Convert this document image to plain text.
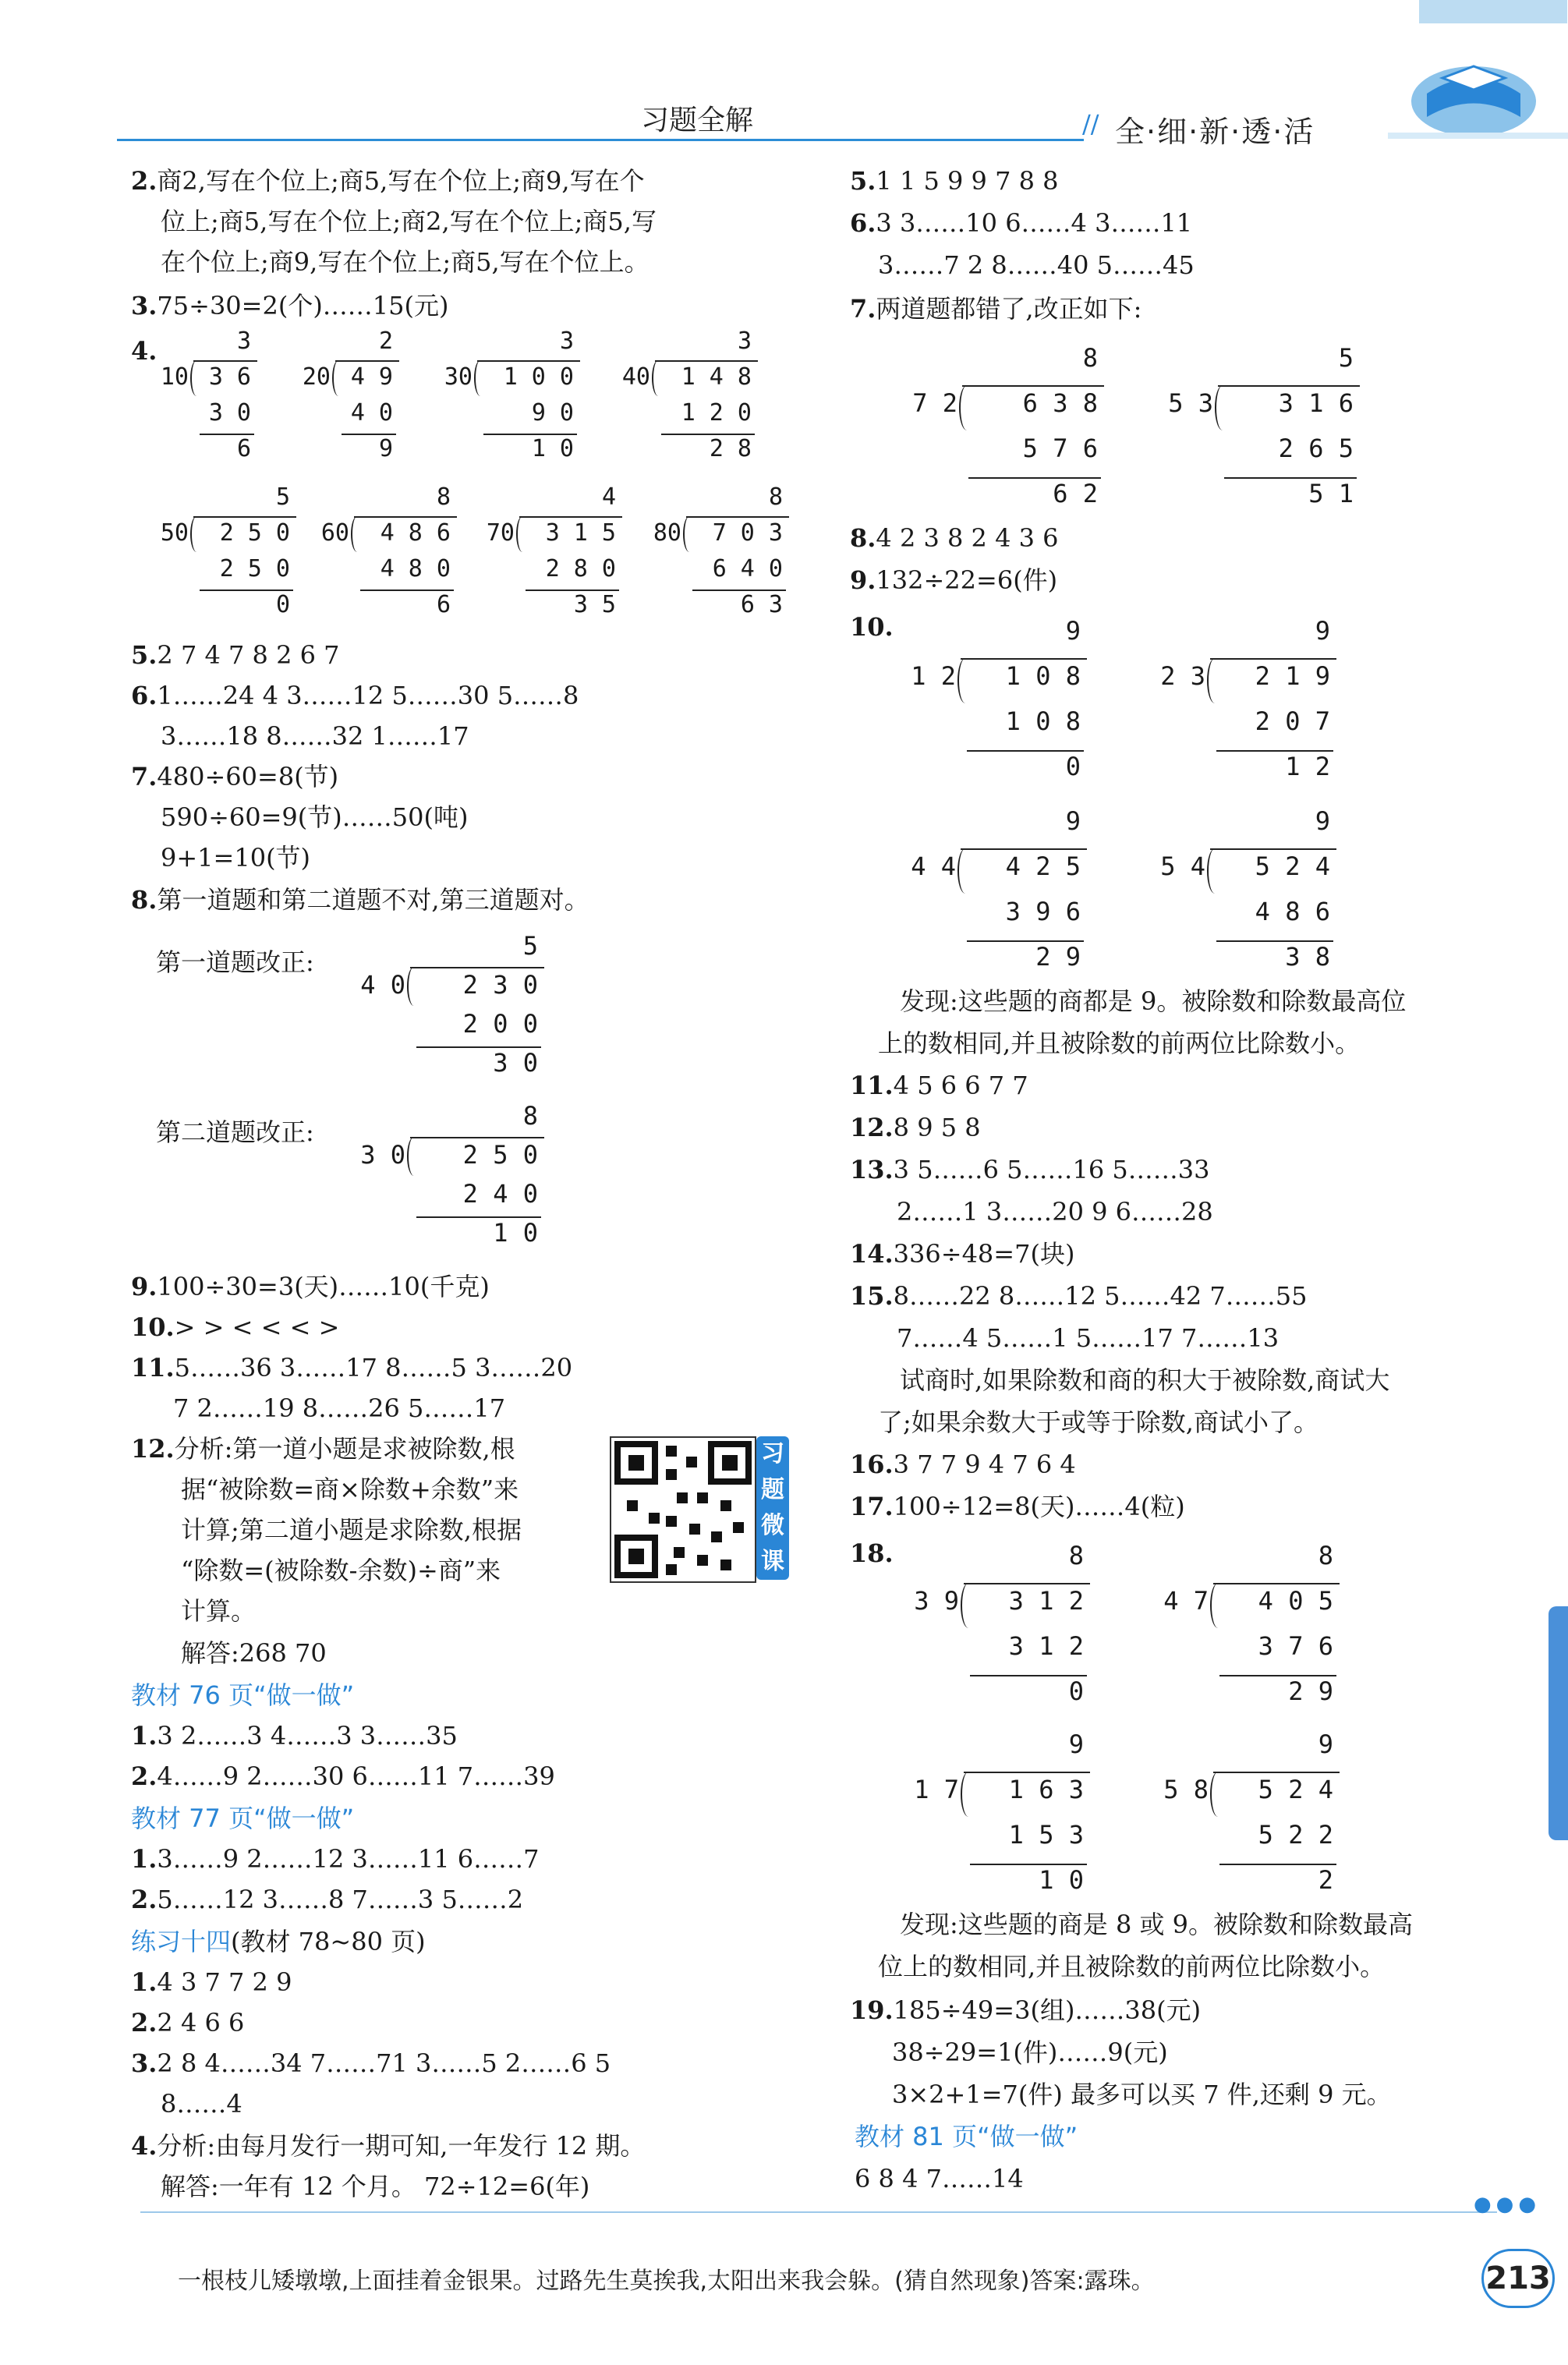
习题全解	// 全·细·新·透·活
2.商2,写在个位上;商5,写在个位上;商9,写在个
位上;商5,写在个位上;商2,写在个位上;商5,写
在个位上;商9,写在个位上;商5,写在个位上。
3.75÷30=2(个)……15(元)
4.	3
10 3 6
3 0
6
2
20 4 9
4 0
9
3
30	1 0 0
9 0
1 0
3
40	1 4 8
1 2 0
2 8
5
50	2 5 0
2 5 0
0
8
60	4 8 6
4 8 0
6
4
70	3 1 5
2 8 0
3 5
8
80	7 0 3
6 4 0
6 3
5.2 7 4 7 8 2 6 7
6.1……24 4 3……12 5……30 5……8
3……18 8……32 1……17
7.480÷60=8(节)
590÷60=9(节)……50(吨)
9+1=10(节)
8.第一道题和第二道题不对,第三道题对。
第一道题改正:
第二道题改正:
5
4 0	2 3 0
2 0 0
3 0
8
3 0	2 5 0
2 4 0
1 0
9.100÷30=3(天)……10(千克)
10.> > < < < >
11.5……36 3……17 8……5 3……20
7 2……19 8……26 5……17
12.分析:第一道小题是求被除数,根
据“被除数=商×除数+余数”来
计算;第二道小题是求除数,根据
“除数=(被除数-余数)÷商”来
计算。
解答:268 70
习题微课
教材 76 页“做一做”
1.3 2……3 4……3 3……35
2.4……9 2……30 6……11 7……39
教材 77 页“做一做”
1.3……9 2……12 3……11 6……7
2.5……12 3……8 7……3 5……2
练习十四(教材 78~80 页)
1.4 3 7 7 2 9
2.2 4 6 6
3.2 8 4……34 7……71 3……5 2……6 5
8……4
4.分析:由每月发行一期可知,一年发行 12 期。
解答:一年有 12 个月。 72÷12=6(年)
5.1 1 5 9 9 7 8 8
6.3 3……10 6……4 3……11
3……7 2 8……40 5……45
7.两道题都错了,改正如下:
8
7 2	6 3 8
5 7 6
6 2
5
5 3	3 1 6
2 6 5
5 1
8.4 2 3 8 2 4 3 6
9.132÷22=6(件)
10.	9
1 2	1 0 8
1 0 8
0
9
2 3	2 1 9
2 0 7
1 2
9
4 4	4 2 5
3 9 6
2 9
9
5 4	5 2 4
4 8 6
3 8
发现:这些题的商都是 9。被除数和除数最高位
上的数相同,并且被除数的前两位比除数小。
11.4 5 6 6 7 7
12.8 9 5 8
13.3 5……6 5……16 5……33
2……1 3……20 9 6……28
14.336÷48=7(块)
15.8……22 8……12 5……42 7……55
7……4 5……1 5……17 7……13
试商时,如果除数和商的积大于被除数,商试大
了;如果余数大于或等于除数,商试小了。
16.3 7 7 9 4 7 6 4
17.100÷12=8(天)……4(粒)
18.	8
3 9	3 1 2
3 1 2
0
8
4 7	4 0 5
3 7 6
2 9
9
1 7	1 6 3
1 5 3
1 0
9
5 8	5 2 4
5 2 2
2
发现:这些题的商是 8 或 9。被除数和除数最高
位上的数相同,并且被除数的前两位比除数小。
19.185÷49=3(组)……38(元)
38÷29=1(件)……9(元)
3×2+1=7(件) 最多可以买 7 件,还剩 9 元。
教材 81 页“做一做”
6 8 4 7……14
●●●
一根枝儿矮墩墩,上面挂着金银果。过路先生莫挨我,太阳出来我会躲。(猜自然现象)答案:露珠。	213
